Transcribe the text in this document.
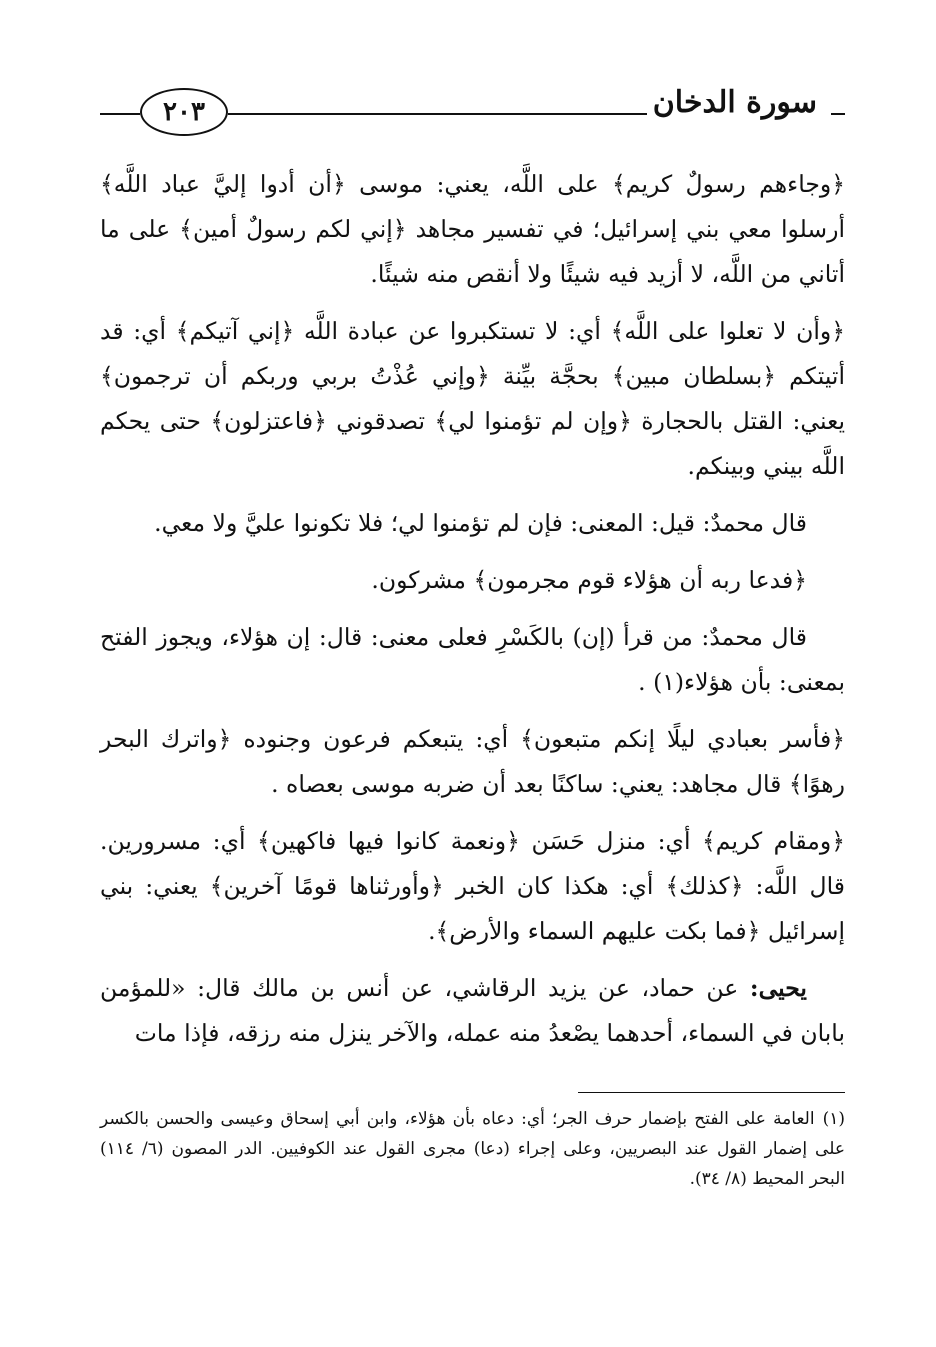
٢٠٣	سورة الدخان

﴿وجاءهم رسولٌ كريم﴾ على اللَّه، يعني: موسى ﴿أن أدوا إليَّ عباد اللَّه﴾ أرسلوا معي بني إسرائيل؛ في تفسير مجاهد ﴿إني لكم رسولٌ أمين﴾ على ما أتاني من اللَّه، لا أزيد فيه شيئًا ولا أنقص منه شيئًا.

﴿وأن لا تعلوا على اللَّه﴾ أي: لا تستكبروا عن عبادة اللَّه ﴿إني آتيكم﴾ أي: قد أتيتكم ﴿بسلطان مبين﴾ بحجَّة بيِّنة ﴿وإني عُذْتُ بربي وربكم أن ترجمون﴾ يعني: القتل بالحجارة ﴿وإن لم تؤمنوا لي﴾ تصدقوني ﴿فاعتزلون﴾ حتى يحكم اللَّه بيني وبينكم.

قال محمدٌ: قيل: المعنى: فإن لم تؤمنوا لي؛ فلا تكونوا عليَّ ولا معي.

﴿فدعا ربه أن هؤلاء قوم مجرمون﴾ مشركون.

قال محمدٌ: من قرأ (إن) بالكَسْرِ فعلى معنى: قال: إن هؤلاء، ويجوز الفتح بمعنى: بأن هؤلاء(١) .

﴿فأسر بعبادي ليلًا إنكم متبعون﴾ أي: يتبعكم فرعون وجنوده ﴿واترك البحر رهوًا﴾ قال مجاهد: يعني: ساكنًا بعد أن ضربه موسى بعصاه .

﴿ومقام كريم﴾ أي: منزل حَسَن ﴿ونعمة كانوا فيها فاكهين﴾ أي: مسرورين. قال اللَّه: ﴿كذلك﴾ أي: هكذا كان الخبر ﴿وأورثناها قومًا آخرين﴾ يعني: بني إسرائيل ﴿فما بكت عليهم السماء والأرض﴾.

يحيى: عن حماد، عن يزيد الرقاشي، عن أنس بن مالك قال: «للمؤمن بابان في السماء، أحدهما يصْعدُ منه عمله، والآخر ينزل منه رزقه، فإذا مات

(١)العامة على الفتح بإضمار حرف الجر؛ أي: دعاه بأن هؤلاء، وابن أبي إسحاق وعيسى والحسن بالكسر على إضمار القول عند البصريين، وعلى إجراء (دعا) مجرى القول عند الكوفيين. الدر المصون (٦/ ١١٤) البحر المحيط (٨/ ٣٤).
